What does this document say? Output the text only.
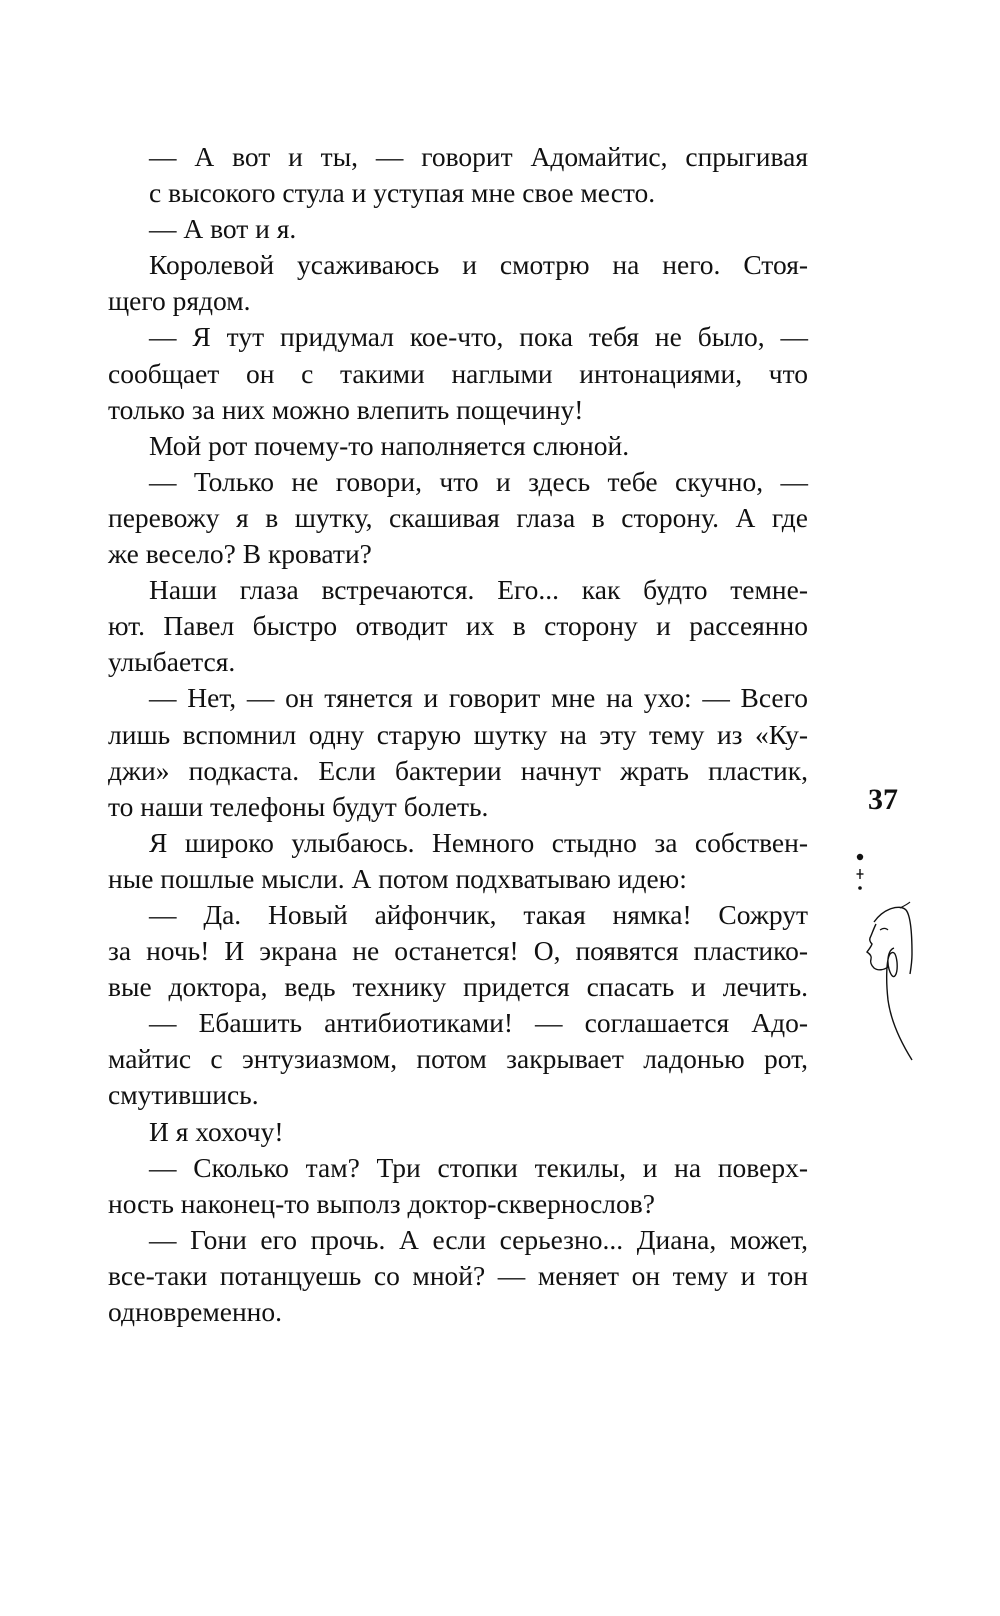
— А вот и ты, — говорит Адомайтис, спрыгивая
с высокого стула и уступая мне свое место.
— А вот и я.
Королевой усаживаюсь и смотрю на него. Стоя-
щего рядом.
— Я тут придумал кое-что, пока тебя не было, —
сообщает он с такими наглыми интонациями, что
только за них можно влепить пощечину!
Мой рот почему-то наполняется слюной.
— Только не говори, что и здесь тебе скучно, —
перевожу я в шутку, скашивая глаза в сторону. А где
же весело? В кровати?
Наши глаза встречаются. Его... как будто темне-
ют. Павел быстро отводит их в сторону и рассеянно
улыбается.
— Нет, — он тянется и говорит мне на ухо: — Всего
лишь вспомнил одну старую шутку на эту тему из «Ку-
джи» подкаста. Если бактерии начнут жрать пластик,
то наши телефоны будут болеть.
Я широко улыбаюсь. Немного стыдно за собствен-
ные пошлые мысли. А потом подхватываю идею:
— Да. Новый айфончик, такая нямка! Сожрут
за ночь! И экрана не останется! О, появятся пластико-
вые доктора, ведь технику придется спасать и лечить.
— Ебашить антибиотиками! — соглашается Адо-
майтис с энтузиазмом, потом закрывает ладонью рот,
смутившись.
И я хохочу!
— Сколько там? Три стопки текилы, и на поверх-
ность наконец-то выполз доктор-сквернослов?
— Гони его прочь. А если серьезно... Диана, может,
все-таки потанцуешь со мной? — меняет он тему и тон
одновременно.
37
